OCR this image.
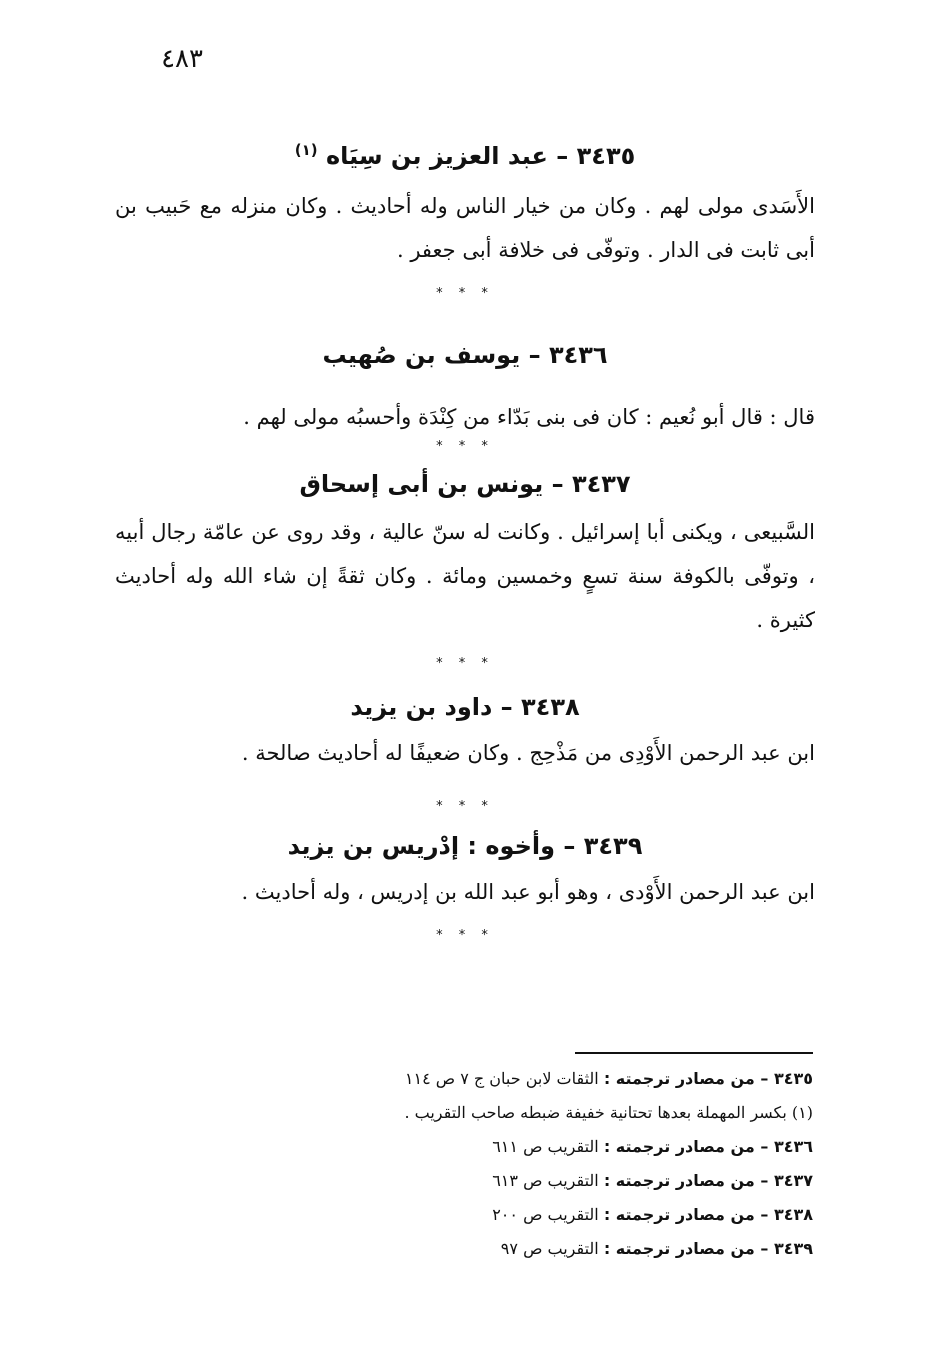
٤٨٣
٣٤٣٥ – عبد العزيز بن سِيَاه $^{(١)}$

الأَسَدى مولى لهم . وكان من خيار الناس وله أحاديث . وكان منزله مع حَبيب بن أبى ثابت فى الدار . وتوفّى فى خلافة أبى جعفر .

* * *

٣٤٣٦ – يوسف بن صُهيب

قال : قال أبو نُعيم : كان فى بنى بَدّاء من كِنْدَة وأحسبُه مولى لهم .

* * *

٣٤٣٧ – يونس بن أبى إسحاق

السَّبيعى ، ويكنى أبا إسرائيل . وكانت له سنّ عالية ، وقد روى عن عامّة رجال أبيه ، وتوفّى بالكوفة سنة تسعٍ وخمسين ومائة . وكان ثقةً إن شاء الله وله أحاديث كثيرة .

* * *

٣٤٣٨ – داود بن يزيد

ابن عبد الرحمن الأَوْدِى من مَذْحِج . وكان ضعيفًا له أحاديث صالحة .

* * *

٣٤٣٩ – وأخوه : إدْريس بن يزيد

ابن عبد الرحمن الأَوْدى ، وهو أبو عبد الله بن إدريس ، وله أحاديث .

* * *

٣٤٣٥ – من مصادر ترجمته : الثقات لابن حبان ج ٧ ص ١١٤
(١) بكسر المهملة بعدها تحتانية خفيفة ضبطه صاحب التقريب .
٣٤٣٦ – من مصادر ترجمته : التقريب ص ٦١١
٣٤٣٧ – من مصادر ترجمته : التقريب ص ٦١٣
٣٤٣٨ – من مصادر ترجمته : التقريب ص ٢٠٠
٣٤٣٩ – من مصادر ترجمته : التقريب ص ٩٧
